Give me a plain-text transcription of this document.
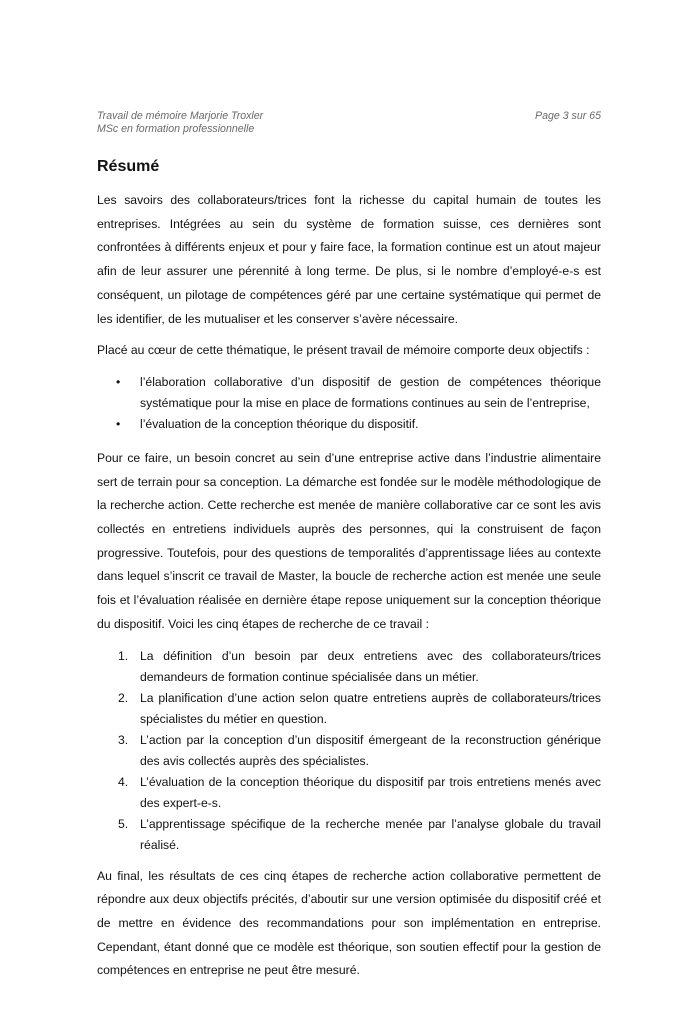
Travail de mémoire Marjorie Troxler	Page 3 sur 65
MSc en formation professionnelle
Résumé

Les savoirs des collaborateurs/trices font la richesse du capital humain de toutes les entreprises. Intégrées au sein du système de formation suisse, ces dernières sont confrontées à différents enjeux et pour y faire face, la formation continue est un atout majeur afin de leur assurer une pérennité à long terme. De plus, si le nombre d’employé-e-s est conséquent, un pilotage de compétences géré par une certaine systématique qui permet de les identifier, de les mutualiser et les conserver s’avère nécessaire.

Placé au cœur de cette thématique, le présent travail de mémoire comporte deux objectifs :

• l’élaboration collaborative d’un dispositif de gestion de compétences théorique systématique pour la mise en place de formations continues au sein de l’entreprise,
• l’évaluation de la conception théorique du dispositif.

Pour ce faire, un besoin concret au sein d’une entreprise active dans l’industrie alimentaire sert de terrain pour sa conception. La démarche est fondée sur le modèle méthodologique de la recherche action. Cette recherche est menée de manière collaborative car ce sont les avis collectés en entretiens individuels auprès des personnes, qui la construisent de façon progressive. Toutefois, pour des questions de temporalités d’apprentissage liées au contexte dans lequel s’inscrit ce travail de Master, la boucle de recherche action est menée une seule fois et l’évaluation réalisée en dernière étape repose uniquement sur la conception théorique du dispositif. Voici les cinq étapes de recherche de ce travail :

1. La définition d’un besoin par deux entretiens avec des collaborateurs/trices demandeurs de formation continue spécialisée dans un métier.
2. La planification d’une action selon quatre entretiens auprès de collaborateurs/trices spécialistes du métier en question.
3. L’action par la conception d’un dispositif émergeant de la reconstruction générique des avis collectés auprès des spécialistes.
4. L’évaluation de la conception théorique du dispositif par trois entretiens menés avec des expert-e-s.
5. L’apprentissage spécifique de la recherche menée par l’analyse globale du travail réalisé.

Au final, les résultats de ces cinq étapes de recherche action collaborative permettent de répondre aux deux objectifs précités, d’aboutir sur une version optimisée du dispositif créé et de mettre en évidence des recommandations pour son implémentation en entreprise. Cependant, étant donné que ce modèle est théorique, son soutien effectif pour la gestion de compétences en entreprise ne peut être mesuré.
